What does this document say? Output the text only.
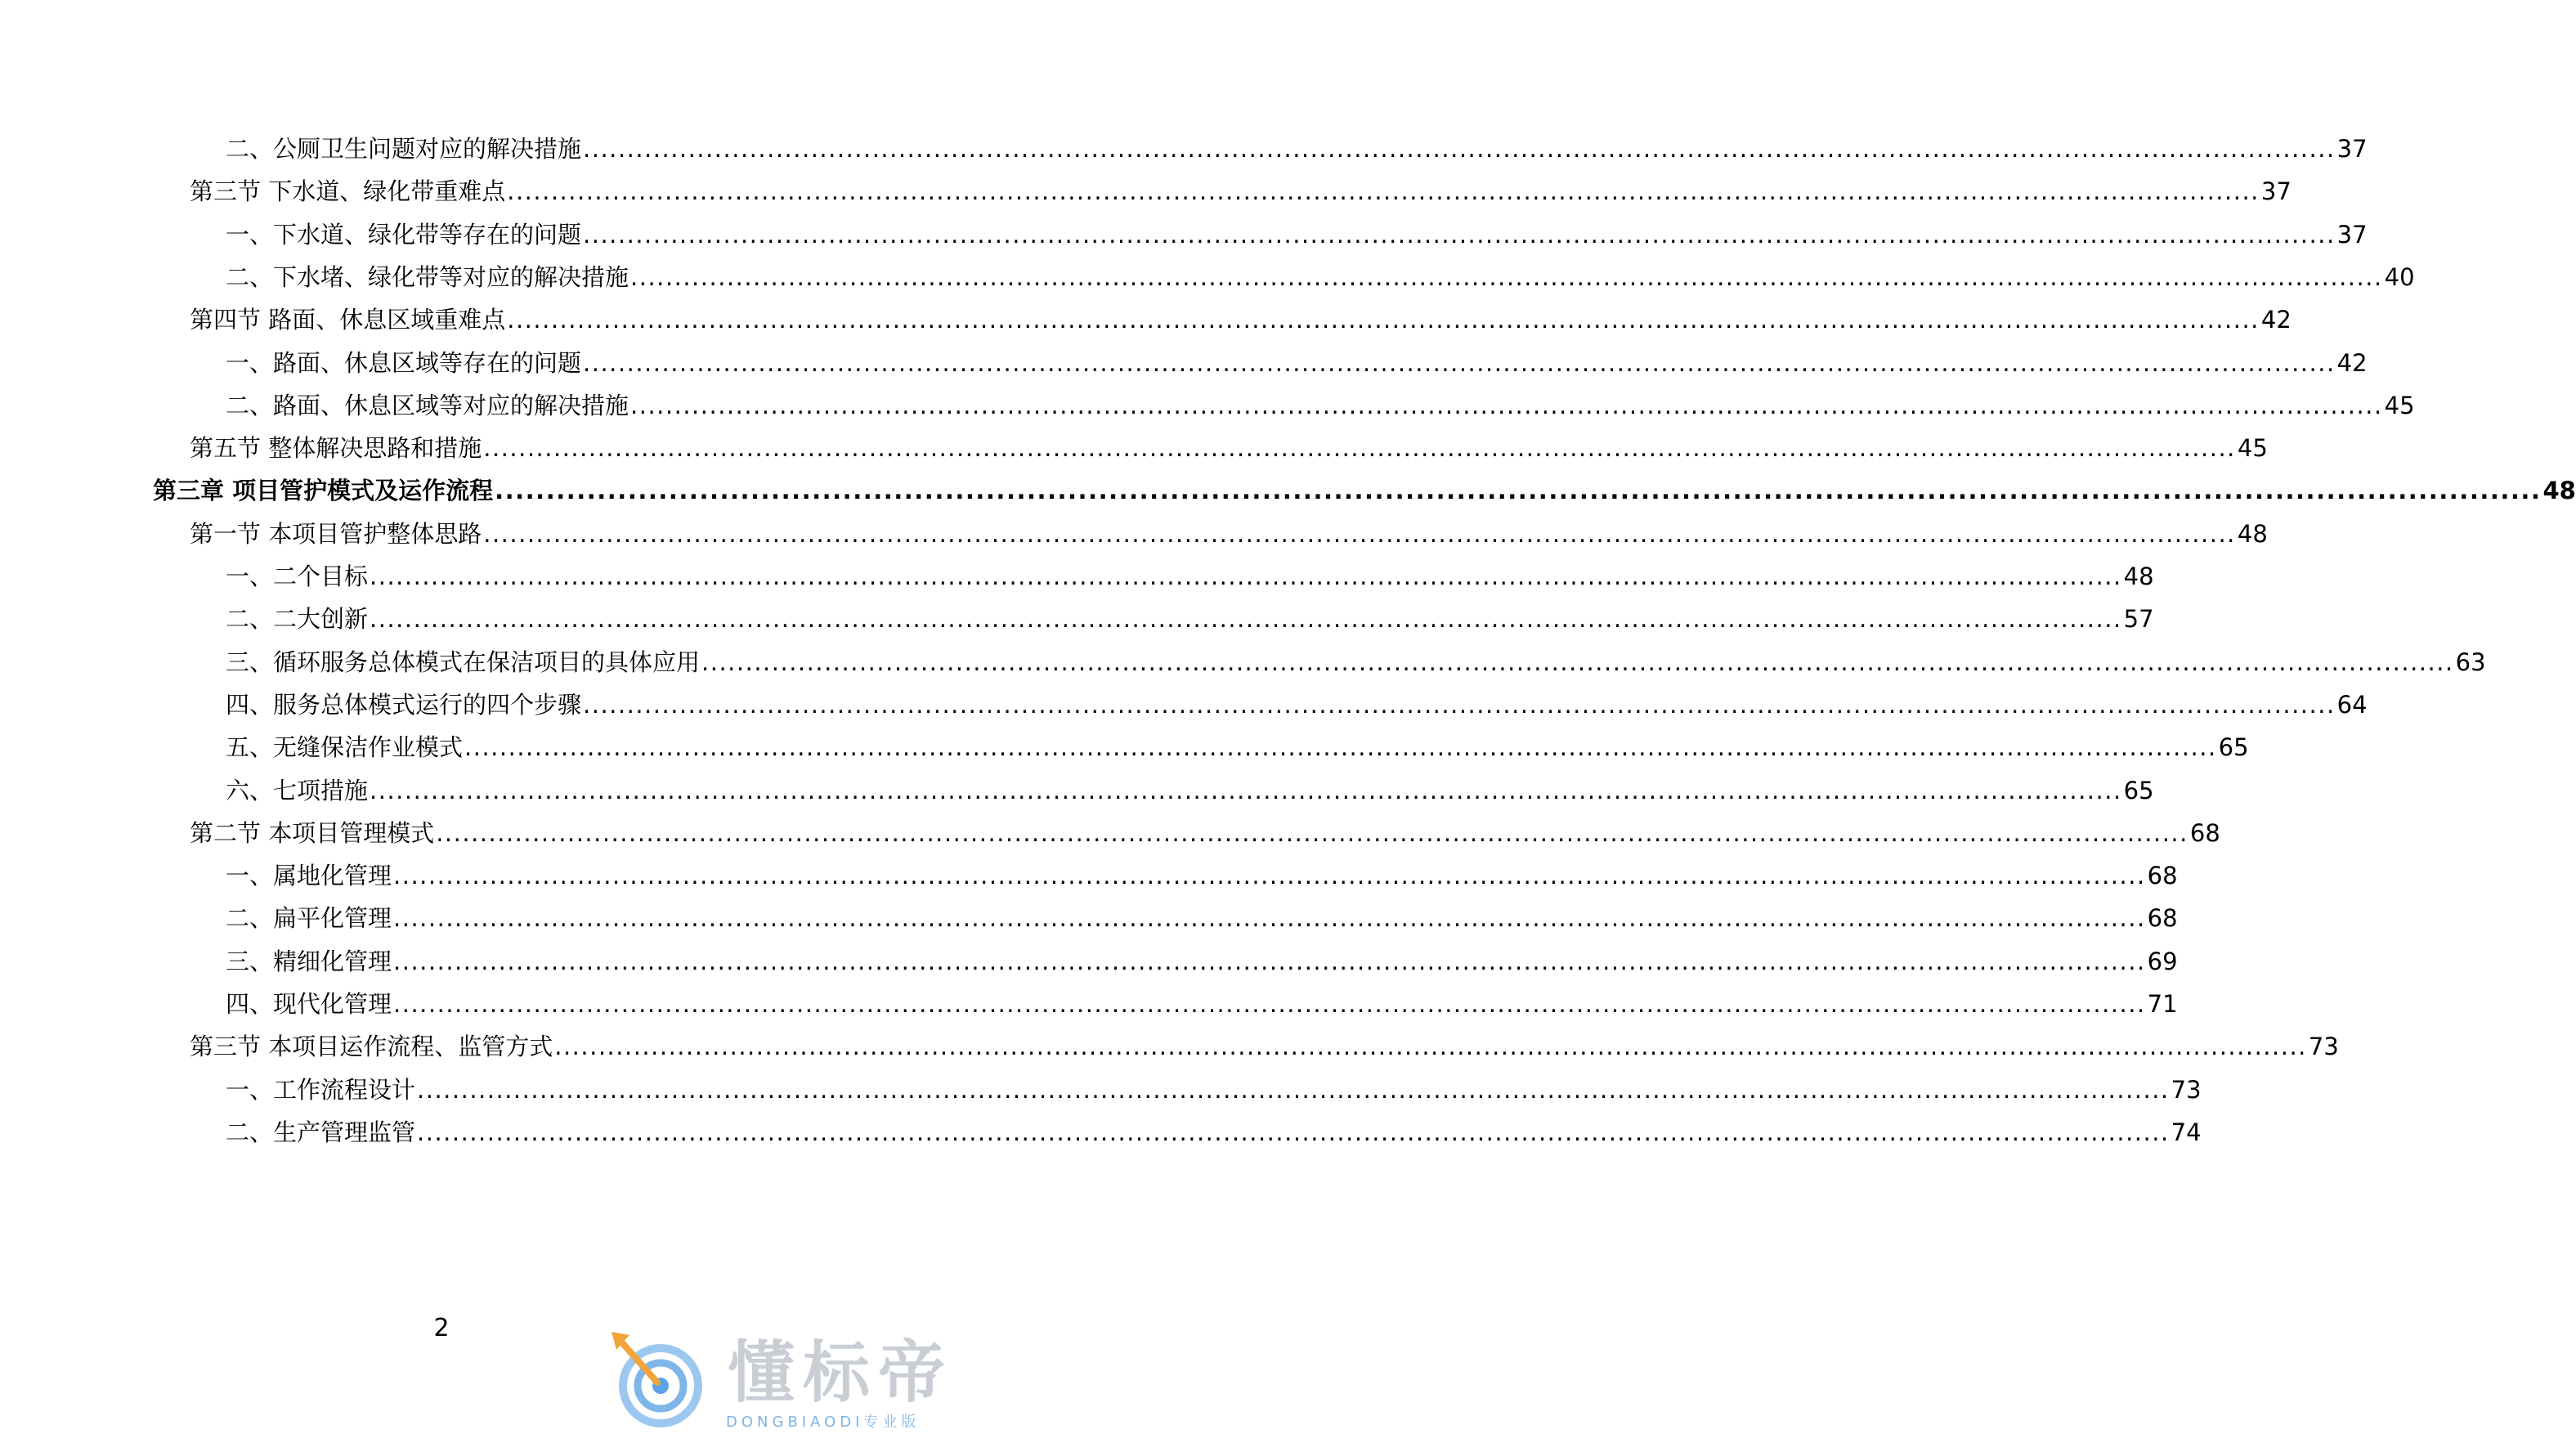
二、公厕卫生问题对应的解决措施 ........................................................................................................................................................................................................ 37
第三节 下水道、绿化带重难点 ........................................................................................................................................................................................................ 37
一、下水道、绿化带等存在的问题 ........................................................................................................................................................................................................ 37
二、下水堵、绿化带等对应的解决措施 ........................................................................................................................................................................................................ 40
第四节 路面、休息区域重难点 ........................................................................................................................................................................................................ 42
一、路面、休息区域等存在的问题 ........................................................................................................................................................................................................ 42
二、路面、休息区域等对应的解决措施 ........................................................................................................................................................................................................ 45
第五节 整体解决思路和措施 ........................................................................................................................................................................................................ 45
第三章 项目管护模式及运作流程 ........................................................................................................................................................................................................ 48
第一节 本项目管护整体思路 ........................................................................................................................................................................................................ 48
一、二个目标 ........................................................................................................................................................................................................ 48
二、二大创新 ........................................................................................................................................................................................................ 57
三、循环服务总体模式在保洁项目的具体应用 ........................................................................................................................................................................................................ 63
四、服务总体模式运行的四个步骤 ........................................................................................................................................................................................................ 64
五、无缝保洁作业模式 ........................................................................................................................................................................................................ 65
六、七项措施 ........................................................................................................................................................................................................ 65
第二节 本项目管理模式 ........................................................................................................................................................................................................ 68
一、属地化管理 ........................................................................................................................................................................................................ 68
二、扁平化管理 ........................................................................................................................................................................................................ 68
三、精细化管理 ........................................................................................................................................................................................................ 69
四、现代化管理 ........................................................................................................................................................................................................ 71
第三节 本项目运作流程、监管方式 ........................................................................................................................................................................................................ 73
一、工作流程设计 ........................................................................................................................................................................................................ 73
二、生产管理监管 ........................................................................................................................................................................................................ 74
2
懂标帝
DONGBIAODI专业版
